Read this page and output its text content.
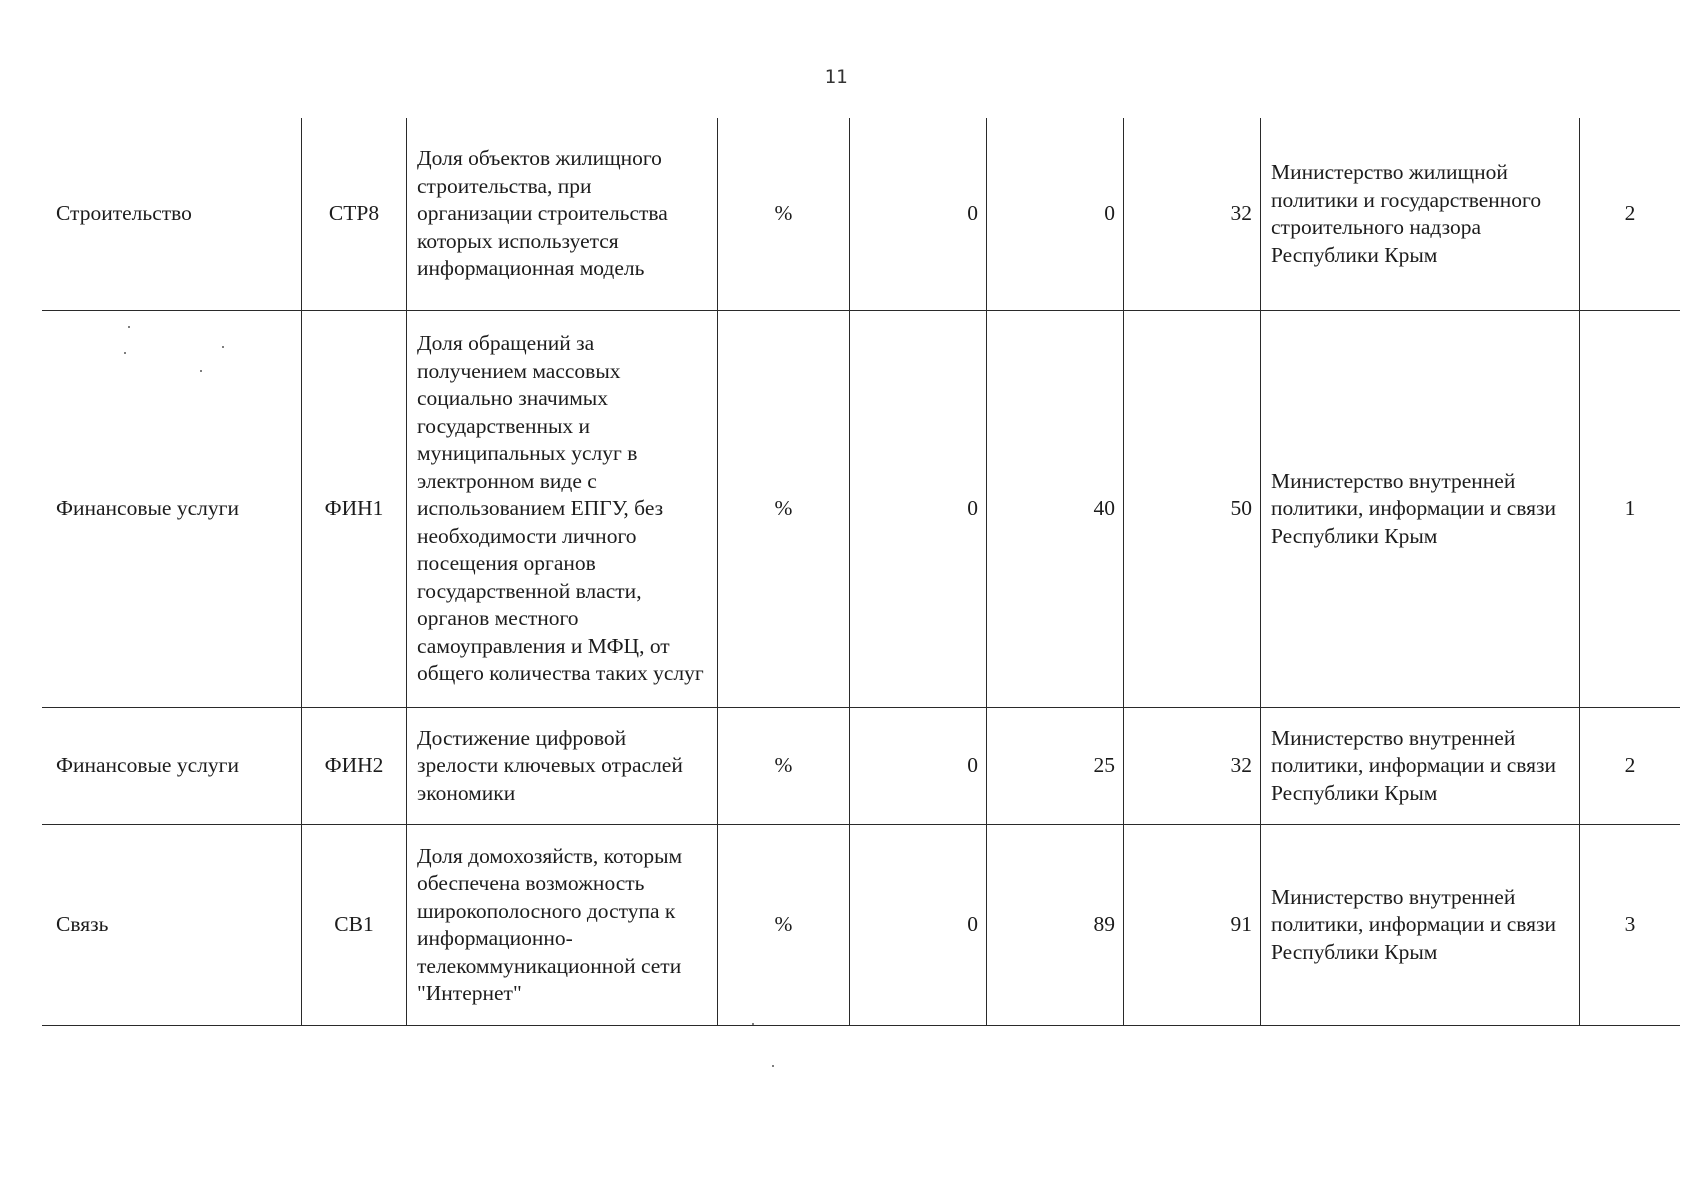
11
Строительство	СТР8	Доля объектов жилищного строительства, при организации строительства которых используется информационная модель	%	0	0	32	Министерство жилищной политики и государственного строительного надзора Республики Крым	2
Финансовые услуги	ФИН1	Доля обращений за получением массовых социально значимых государственных и муниципальных услуг в электронном виде с использованием ЕПГУ, без необходимости личного посещения органов государственной власти, органов местного самоуправления и МФЦ, от общего количества таких услуг	%	0	40	50	Министерство внутренней политики, информации и связи Республики Крым	1
Финансовые услуги	ФИН2	Достижение цифровой зрелости ключевых отраслей экономики	%	0	25	32	Министерство внутренней политики, информации и связи Республики Крым	2
Связь	СВ1	Доля домохозяйств, которым обеспечена возможность широкополосного доступа к информационно-телекоммуникационной сети "Интернет"	%	0	89	91	Министерство внутренней политики, информации и связи Республики Крым	3
